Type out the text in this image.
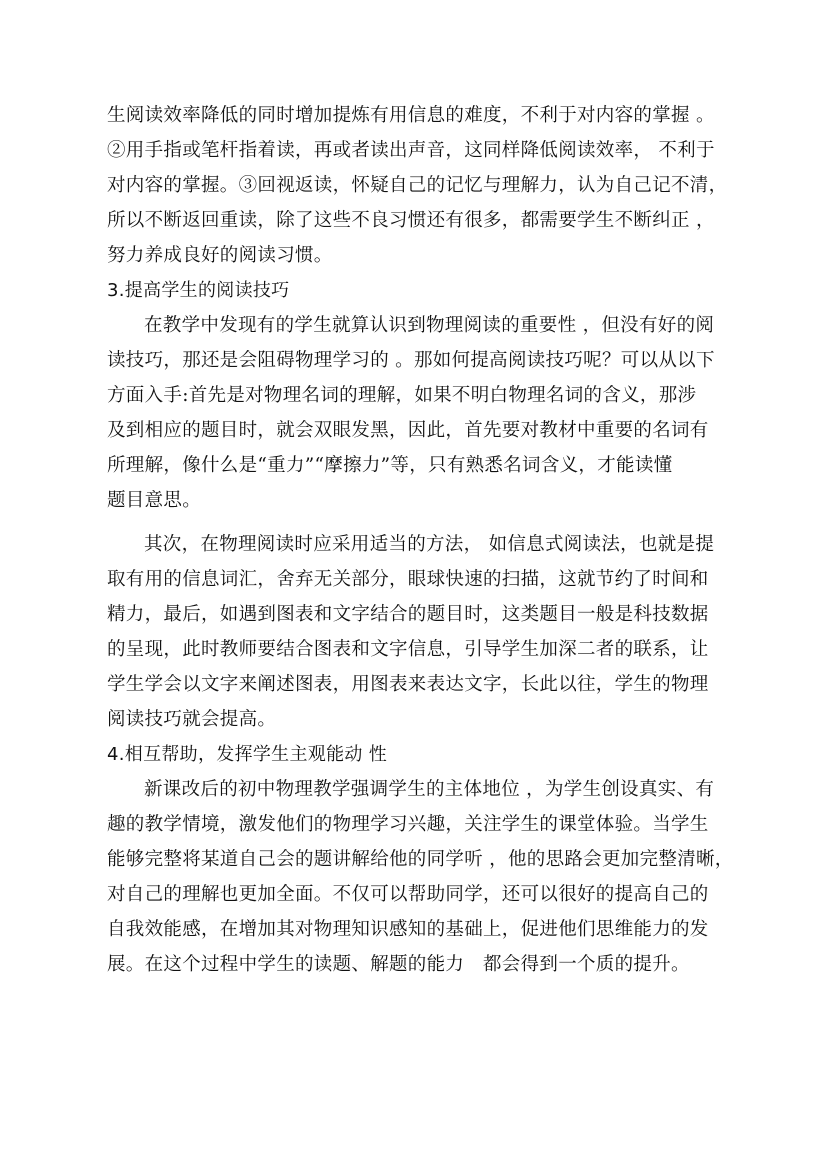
生阅读效率降低的同时增加提炼有用信息的难度，不利于对内容的掌握 。
②用手指或笔杆指着读，再或者读出声音，这同样降低阅读效率， 不利于
对内容的掌握。③回视返读，怀疑自己的记忆与理解力，认为自己记不清，
所以不断返回重读，除了这些不良习惯还有很多，都需要学生不断纠正 ，
努力养成良好的阅读习惯。
3.提高学生的阅读技巧
在教学中发现有的学生就算认识到物理阅读的重要性 ，但没有好的阅
读技巧，那还是会阻碍物理学习的 。那如何提高阅读技巧呢？可以从以下
方面入手:首先是对物理名词的理解，如果不明白物理名词的含义，那涉
及到相应的题目时，就会双眼发黑，因此，首先要对教材中重要的名词有
所理解，像什么是“重力”“摩擦力”等，只有熟悉名词含义，才能读懂
题目意思。
其次，在物理阅读时应采用适当的方法， 如信息式阅读法，也就是提
取有用的信息词汇，舍弃无关部分，眼球快速的扫描，这就节约了时间和
精力，最后，如遇到图表和文字结合的题目时，这类题目一般是科技数据
的呈现，此时教师要结合图表和文字信息，引导学生加深二者的联系，让
学生学会以文字来阐述图表，用图表来表达文字，长此以往，学生的物理
阅读技巧就会提高。
4.相互帮助，发挥学生主观能动 性
新课改后的初中物理教学强调学生的主体地位 ，为学生创设真实、有
趣的教学情境，激发他们的物理学习兴趣，关注学生的课堂体验。当学生
能够完整将某道自己会的题讲解给他的同学听 ，他的思路会更加完整清晰，
对自己的理解也更加全面。不仅可以帮助同学，还可以很好的提高自己的
自我效能感，在增加其对物理知识感知的基础上，促进他们思维能力的发
展。在这个过程中学生的读题、解题的能力　都会得到一个质的提升。
